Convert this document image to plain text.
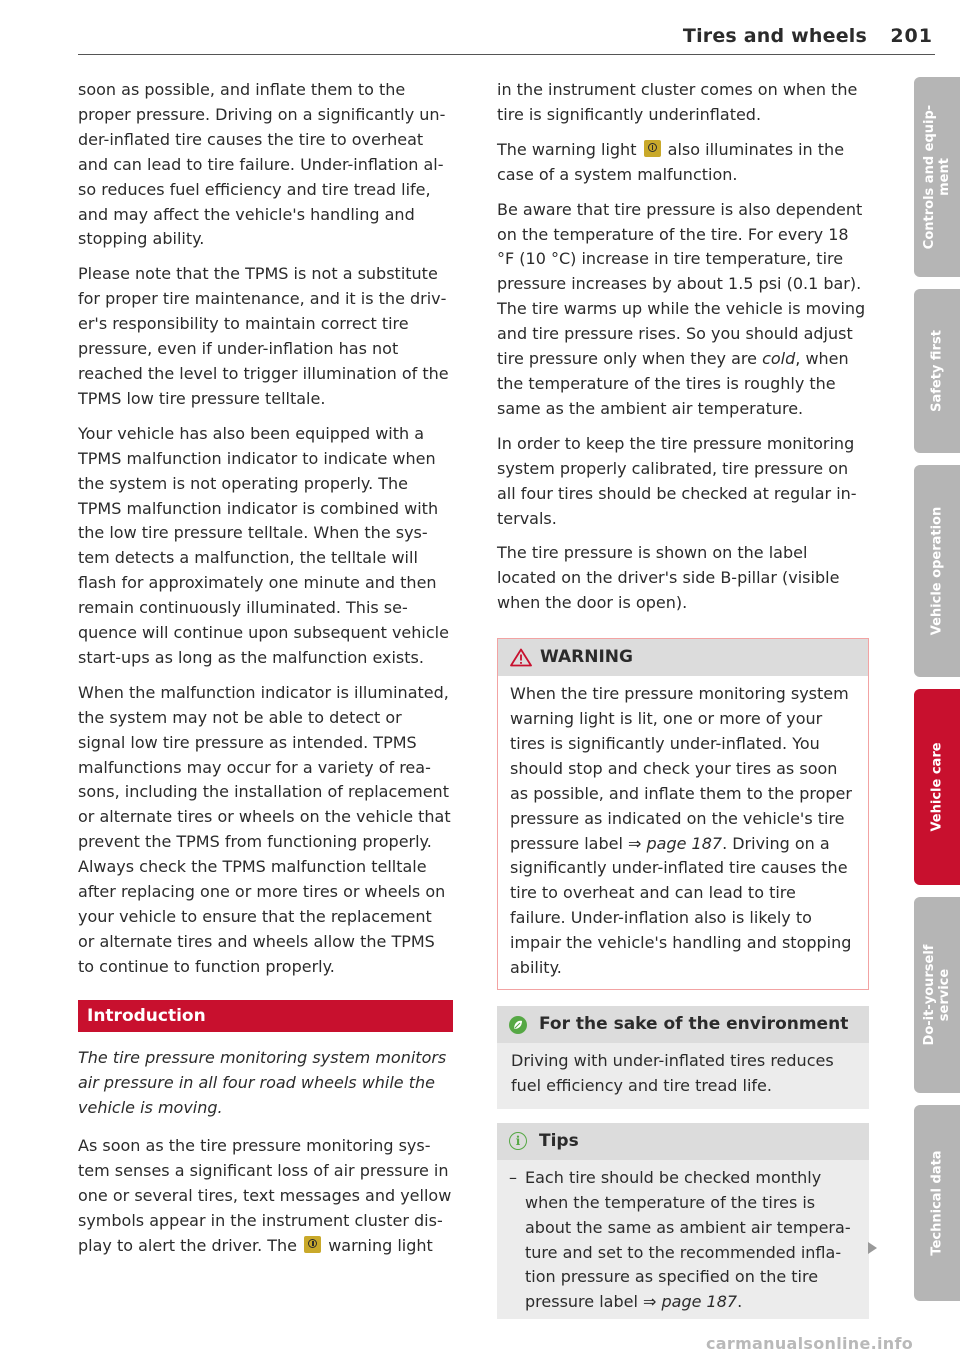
Tires and wheels 201

soon as possible, and inflate them to the proper pressure. Driving on a significantly under-inflated tire causes the tire to overheat and can lead to tire failure. Under-inflation also reduces fuel efficiency and tire tread life, and may affect the vehicle's handling and stopping ability.

Please note that the TPMS is not a substitute for proper tire maintenance, and it is the driver's responsibility to maintain correct tire pressure, even if under-inflation has not reached the level to trigger illumination of the TPMS low tire pressure telltale.

Your vehicle has also been equipped with a TPMS malfunction indicator to indicate when the system is not operating properly. The TPMS malfunction indicator is combined with the low tire pressure telltale. When the system detects a malfunction, the telltale will flash for approximately one minute and then remain continuously illuminated. This sequence will continue upon subsequent vehicle start-ups as long as the malfunction exists.

When the malfunction indicator is illuminated, the system may not be able to detect or signal low tire pressure as intended. TPMS malfunctions may occur for a variety of reasons, including the installation of replacement or alternate tires or wheels on the vehicle that prevent the TPMS from functioning properly. Always check the TPMS malfunction telltale after replacing one or more tires or wheels on your vehicle to ensure that the replacement or alternate tires and wheels allow the TPMS to continue to function properly.

Introduction

The tire pressure monitoring system monitors air pressure in all four road wheels while the vehicle is moving.

As soon as the tire pressure monitoring system senses a significant loss of air pressure in one or several tires, text messages and yellow symbols appear in the instrument cluster display to alert the driver. The warning light

in the instrument cluster comes on when the tire is significantly underinflated.

The warning light also illuminates in the case of a system malfunction.

Be aware that tire pressure is also dependent on the temperature of the tire. For every 18 °F (10 °C) increase in tire temperature, tire pressure increases by about 1.5 psi (0.1 bar). The tire warms up while the vehicle is moving and tire pressure rises. So you should adjust tire pressure only when they are cold, when the temperature of the tires is roughly the same as the ambient air temperature.

In order to keep the tire pressure monitoring system properly calibrated, tire pressure on all four tires should be checked at regular intervals.

The tire pressure is shown on the label located on the driver's side B-pillar (visible when the door is open).

WARNING

When the tire pressure monitoring system warning light is lit, one or more of your tires is significantly under-inflated. You should stop and check your tires as soon as possible, and inflate them to the proper pressure as indicated on the vehicle's tire pressure label ⇒ page 187. Driving on a significantly under-inflated tire causes the tire to overheat and can lead to tire failure. Under-inflation also is likely to impair the vehicle's handling and stopping ability.

For the sake of the environment

Driving with under-inflated tires reduces fuel efficiency and tire tread life.

i	Tips
– Each tire should be checked monthly when the temperature of the tires is about the same as ambient air temperature and set to the recommended inflation pressure as specified on the tire pressure label ⇒ page 187.
Controls and equip-
ment
Safety first
Vehicle operation
Vehicle care
Do-it-yourself
service
Technical data
carmanualsonline.info
